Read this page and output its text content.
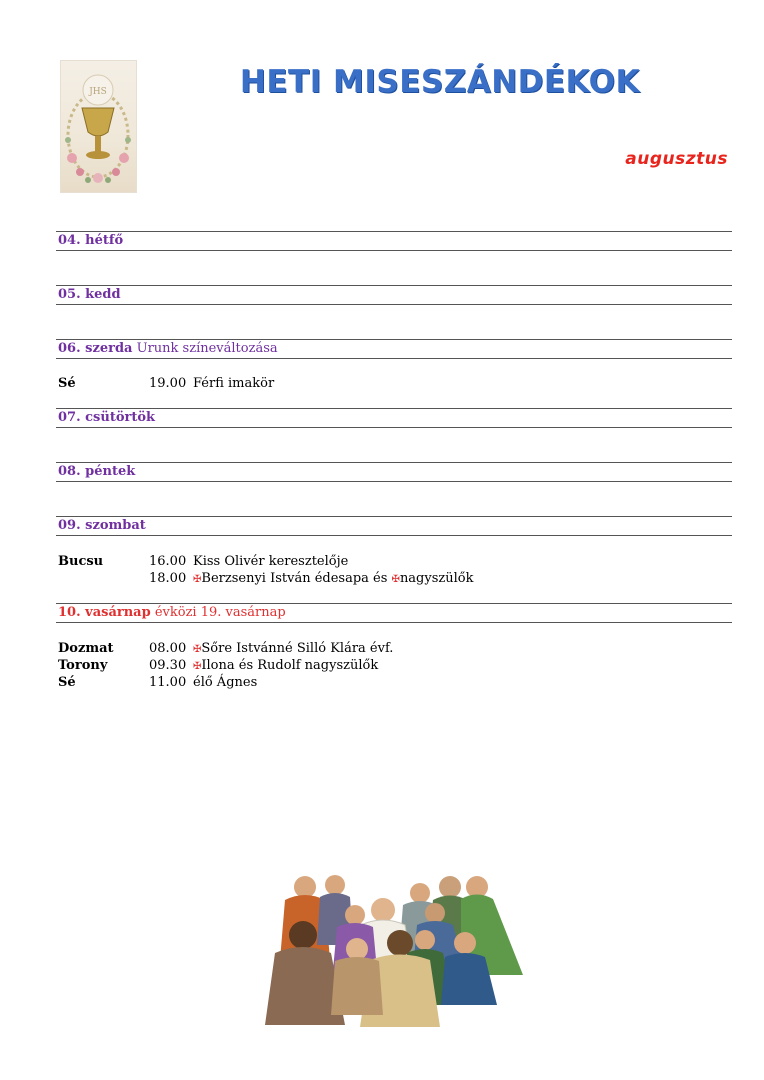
JHS	HETI MISESZÁNDÉKOK
augusztus
04. hétfő
05. kedd
06. szerda Urunk színeváltozása
Sé	19.00 Férfi imakör
07. csütörtök
08. péntek
09. szombat
Bucsu	16.00 Kiss Olivér keresztelője
18.00 ✠Berzsenyi István édesapa és ✠nagyszülők
10. vasárnap évközi 19. vasárnap
Dozmat	08.00 ✠Sőre Istvánné Silló Klára évf.
Torony	09.30 ✠Ilona és Rudolf nagyszülők
Sé	11.00 élő Ágnes
